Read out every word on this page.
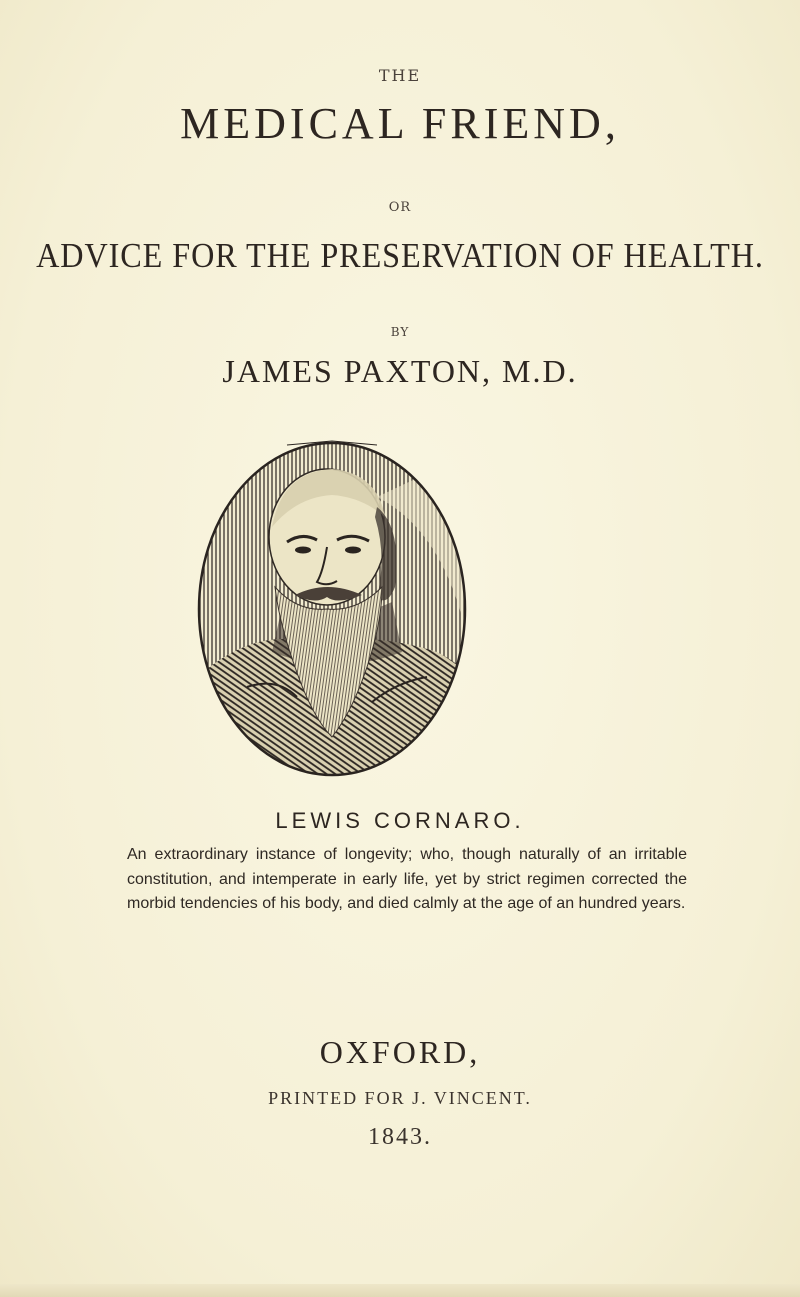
THE
MEDICAL FRIEND,
OR
ADVICE FOR THE PRESERVATION OF HEALTH.
BY
JAMES PAXTON, M.D.
LEWIS CORNARO.
An extraordinary instance of longevity; who, though naturally of an irritable constitution, and intemperate in early life, yet by strict regimen corrected the morbid tendencies of his body, and died calmly at the age of an hundred years.
OXFORD,
PRINTED FOR J. VINCENT.
1843.
